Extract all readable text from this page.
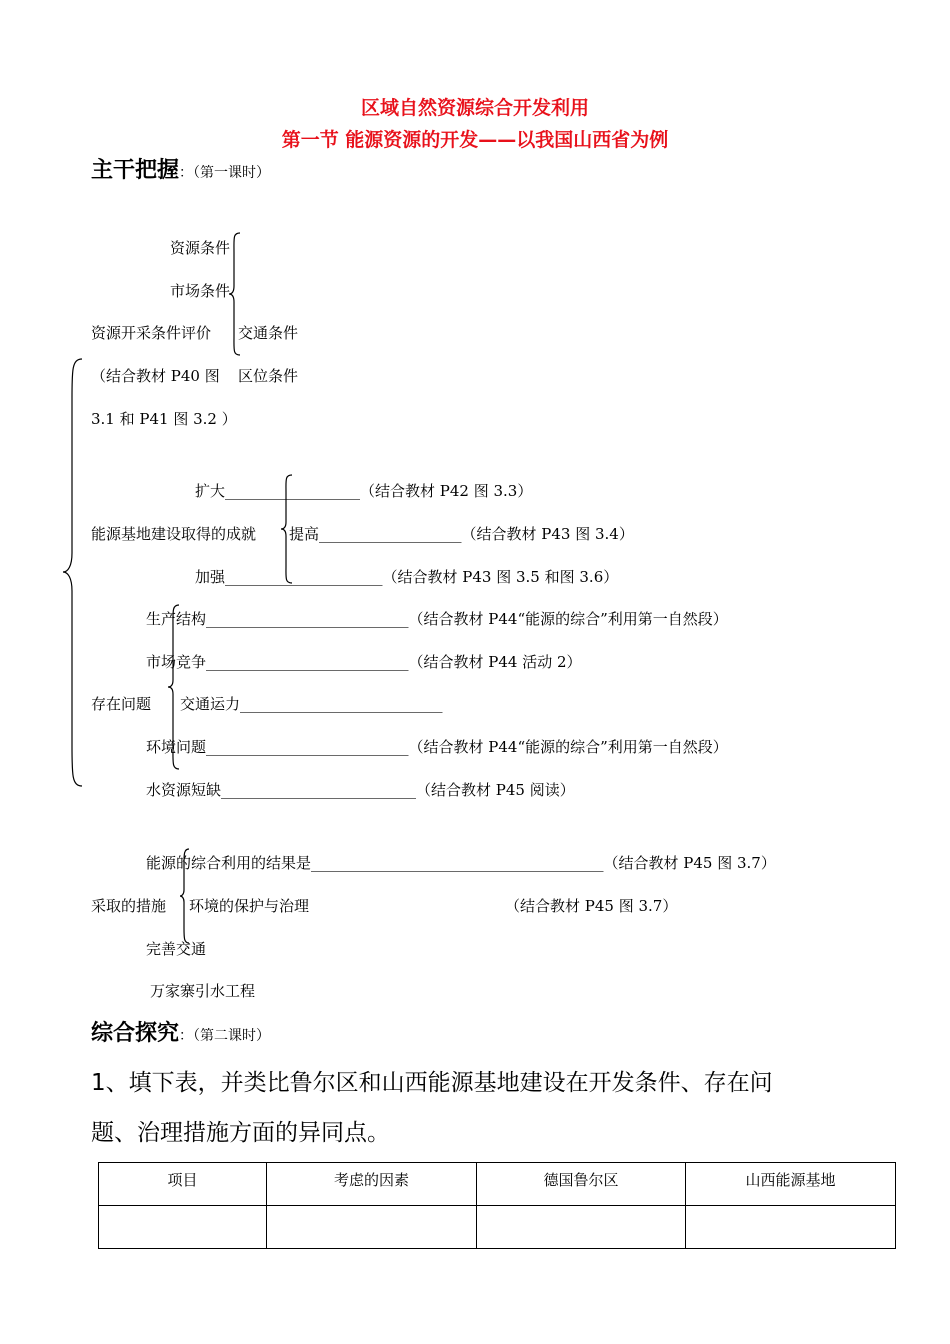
区域自然资源综合开发利用
第一节 能源资源的开发——以我国山西省为例
主干把握：（第一课时）
资源条件
市场条件
资源开采条件评价 交通条件
（结合教材 P40 图 区位条件
3.1 和 P41 图 3.2 ）
扩大__________________（结合教材 P42 图 3.3）
能源基地建设取得的成就 提高___________________（结合教材 P43 图 3.4）
加强_____________________（结合教材 P43 图 3.5 和图 3.6）
生产结构___________________________（结合教材 P44“能源的综合”利用第一自然段）
市场竞争___________________________（结合教材 P44 活动 2）
存在问题 交通运力___________________________
环境问题___________________________（结合教材 P44“能源的综合”利用第一自然段）
水资源短缺__________________________（结合教材 P45 阅读）
能源的综合利用的结果是_______________________________________（结合教材 P45 图 3.7）
采取的措施 环境的保护与治理	（结合教材 P45 图 3.7）
完善交通
万家寨引水工程
综合探究：（第二课时）
1、填下表，并类比鲁尔区和山西能源基地建设在开发条件、存在问
题、治理措施方面的异同点。
项目	考虑的因素	德国鲁尔区	山西能源基地
